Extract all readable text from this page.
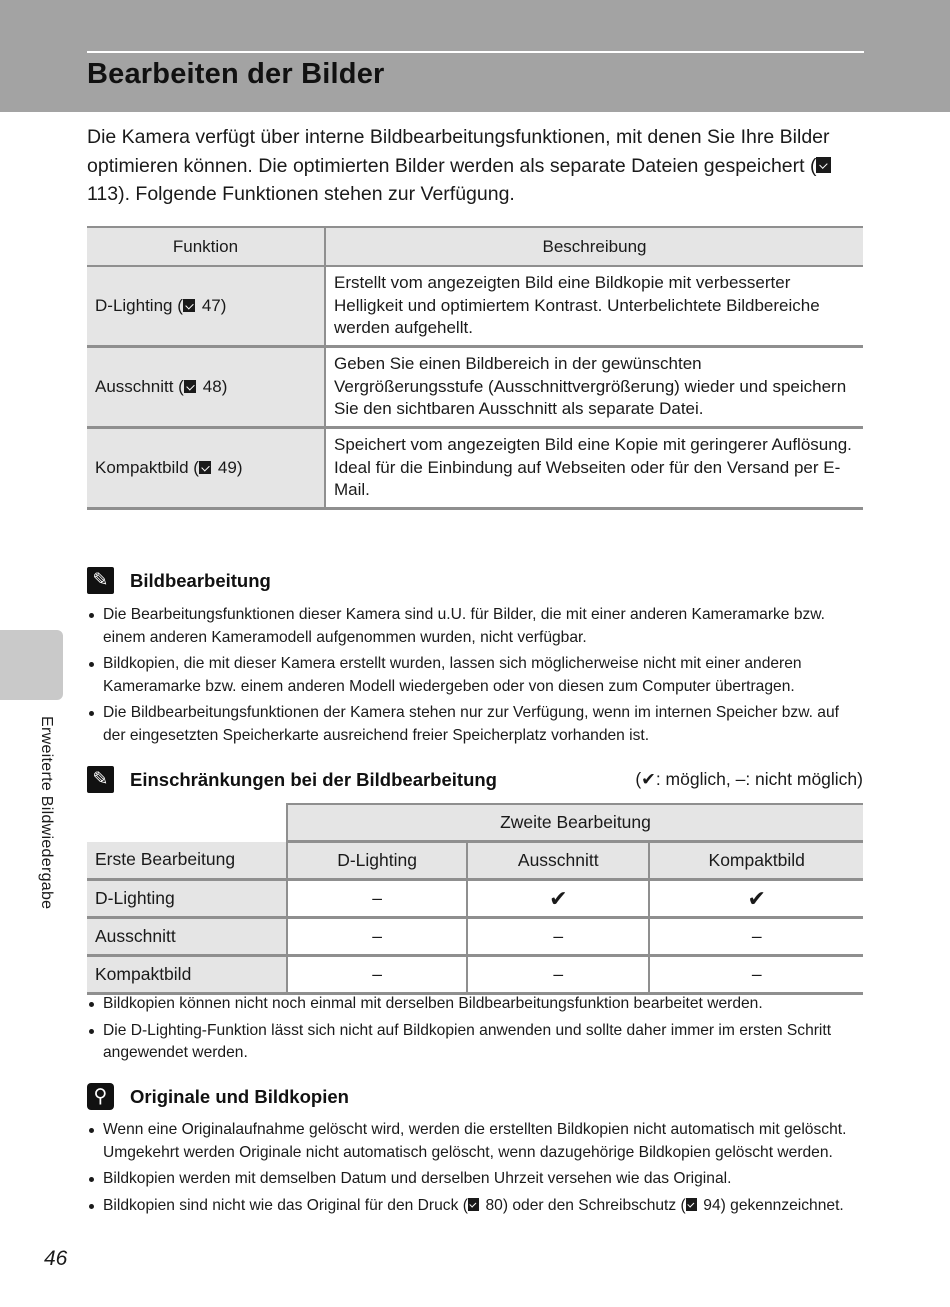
Bearbeiten der Bilder

Die Kamera verfügt über interne Bildbearbeitungsfunktionen, mit denen Sie Ihre Bilder optimieren können. Die optimierten Bilder werden als separate Dateien gespeichert ( 113). Folgende Funktionen stehen zur Verfügung.

Funktion	Beschreibung
D-Lighting ( 47)	Erstellt vom angezeigten Bild eine Bildkopie mit verbesserter Helligkeit und optimiertem Kontrast. Unterbelichtete Bildbereiche werden aufgehellt.
Ausschnitt ( 48)	Geben Sie einen Bildbereich in der gewünschten Vergrößerungsstufe (Ausschnittvergrößerung) wieder und speichern Sie den sichtbaren Ausschnitt als separate Datei.
Kompaktbild ( 49)	Speichert vom angezeigten Bild eine Kopie mit geringerer Auflösung. Ideal für die Einbindung auf Webseiten oder für den Versand per E-Mail.
✎ Bildbearbeitung
Die Bearbeitungsfunktionen dieser Kamera sind u.U. für Bilder, die mit einer anderen Kameramarke bzw. einem anderen Kameramodell aufgenommen wurden, nicht verfügbar.
Bildkopien, die mit dieser Kamera erstellt wurden, lassen sich möglicherweise nicht mit einer anderen Kameramarke bzw. einem anderen Modell wiedergeben oder von diesen zum Computer übertragen.
Die Bildbearbeitungsfunktionen der Kamera stehen nur zur Verfügung, wenn im internen Speicher bzw. auf der eingesetzten Speicherkarte ausreichend freier Speicherplatz vorhanden ist.
✎ Einschränkungen bei der Bildbearbeitung	(✔: möglich, –: nicht möglich)
	Zweite Bearbeitung		
Erste Bearbeitung	D-Lighting	Ausschnitt	Kompaktbild
D-Lighting	–	✔	✔
Ausschnitt	–	–	–
Kompaktbild	–	–	–
Bildkopien können nicht noch einmal mit derselben Bildbearbeitungsfunktion bearbeitet werden.
Die D-Lighting-Funktion lässt sich nicht auf Bildkopien anwenden und sollte daher immer im ersten Schritt angewendet werden.
⚲	Originale und Bildkopien
Wenn eine Originalaufnahme gelöscht wird, werden die erstellten Bildkopien nicht automatisch mit gelöscht. Umgekehrt werden Originale nicht automatisch gelöscht, wenn dazugehörige Bildkopien gelöscht werden.
Bildkopien werden mit demselben Datum und derselben Uhrzeit versehen wie das Original.
Bildkopien sind nicht wie das Original für den Druck ( 80) oder den Schreibschutz ( 94) gekennzeichnet.
Erweiterte Bildwiedergabe
46
